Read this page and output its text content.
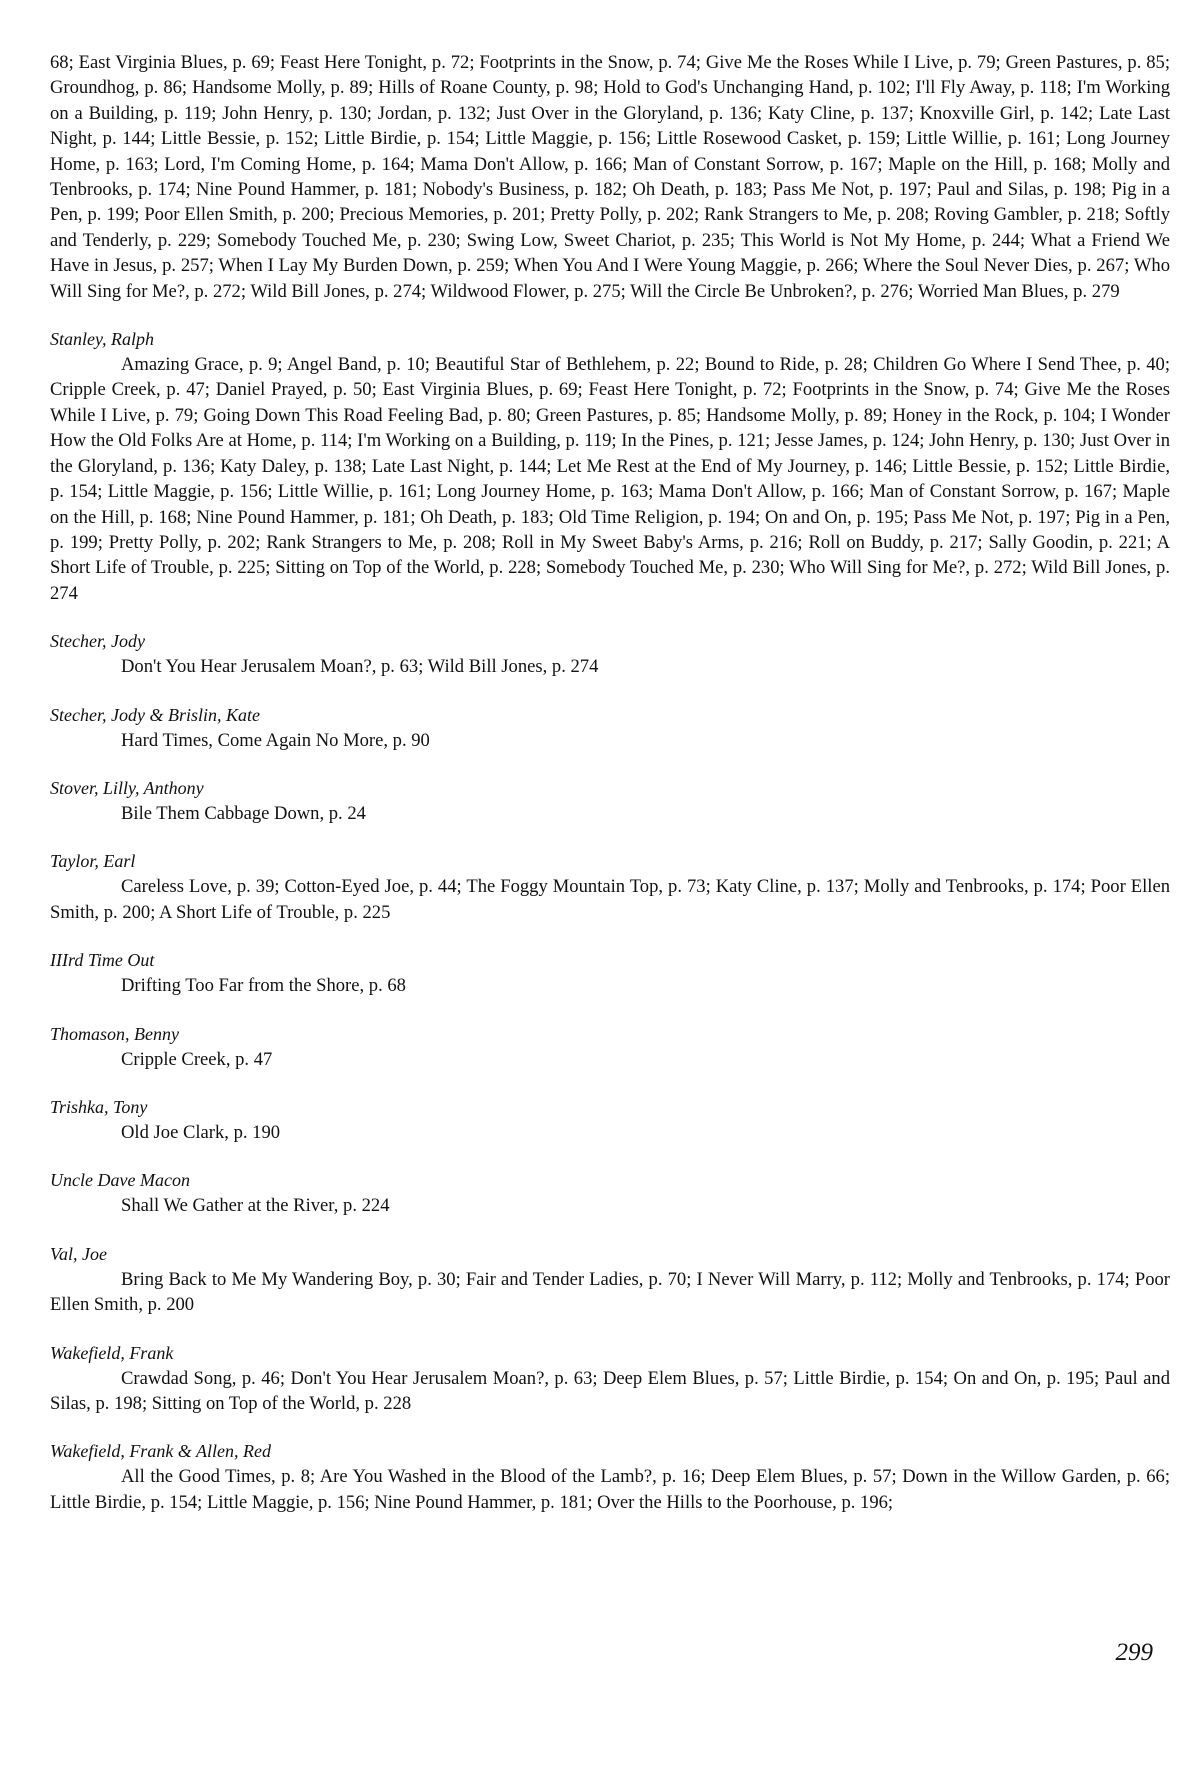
68; East Virginia Blues, p. 69; Feast Here Tonight, p. 72; Footprints in the Snow, p. 74; Give Me the Roses While I Live, p. 79; Green Pastures, p. 85; Groundhog, p. 86; Handsome Molly, p. 89; Hills of Roane County, p. 98; Hold to God's Unchanging Hand, p. 102; I'll Fly Away, p. 118; I'm Working on a Building, p. 119; John Henry, p. 130; Jordan, p. 132; Just Over in the Gloryland, p. 136; Katy Cline, p. 137; Knoxville Girl, p. 142; Late Last Night, p. 144; Little Bessie, p. 152; Little Birdie, p. 154; Little Maggie, p. 156; Little Rosewood Casket, p. 159; Little Willie, p. 161; Long Journey Home, p. 163; Lord, I'm Coming Home, p. 164; Mama Don't Allow, p. 166; Man of Constant Sorrow, p. 167; Maple on the Hill, p. 168; Molly and Tenbrooks, p. 174; Nine Pound Hammer, p. 181; Nobody's Business, p. 182; Oh Death, p. 183; Pass Me Not, p. 197; Paul and Silas, p. 198; Pig in a Pen, p. 199; Poor Ellen Smith, p. 200; Precious Memories, p. 201; Pretty Polly, p. 202; Rank Strangers to Me, p. 208; Roving Gambler, p. 218; Softly and Tenderly, p. 229; Somebody Touched Me, p. 230; Swing Low, Sweet Chariot, p. 235; This World is Not My Home, p. 244; What a Friend We Have in Jesus, p. 257; When I Lay My Burden Down, p. 259; When You And I Were Young Maggie, p. 266; Where the Soul Never Dies, p. 267; Who Will Sing for Me?, p. 272; Wild Bill Jones, p. 274; Wildwood Flower, p. 275; Will the Circle Be Unbroken?, p. 276; Worried Man Blues, p. 279

Stanley, Ralph

Amazing Grace, p. 9; Angel Band, p. 10; Beautiful Star of Bethlehem, p. 22; Bound to Ride, p. 28; Children Go Where I Send Thee, p. 40; Cripple Creek, p. 47; Daniel Prayed, p. 50; East Virginia Blues, p. 69; Feast Here Tonight, p. 72; Footprints in the Snow, p. 74; Give Me the Roses While I Live, p. 79; Going Down This Road Feeling Bad, p. 80; Green Pastures, p. 85; Handsome Molly, p. 89; Honey in the Rock, p. 104; I Wonder How the Old Folks Are at Home, p. 114; I'm Working on a Building, p. 119; In the Pines, p. 121; Jesse James, p. 124; John Henry, p. 130; Just Over in the Gloryland, p. 136; Katy Daley, p. 138; Late Last Night, p. 144; Let Me Rest at the End of My Journey, p. 146; Little Bessie, p. 152; Little Birdie, p. 154; Little Maggie, p. 156; Little Willie, p. 161; Long Journey Home, p. 163; Mama Don't Allow, p. 166; Man of Constant Sorrow, p. 167; Maple on the Hill, p. 168; Nine Pound Hammer, p. 181; Oh Death, p. 183; Old Time Religion, p. 194; On and On, p. 195; Pass Me Not, p. 197; Pig in a Pen, p. 199; Pretty Polly, p. 202; Rank Strangers to Me, p. 208; Roll in My Sweet Baby's Arms, p. 216; Roll on Buddy, p. 217; Sally Goodin, p. 221; A Short Life of Trouble, p. 225; Sitting on Top of the World, p. 228; Somebody Touched Me, p. 230; Who Will Sing for Me?, p. 272; Wild Bill Jones, p. 274

Stecher, Jody

Don't You Hear Jerusalem Moan?, p. 63; Wild Bill Jones, p. 274

Stecher, Jody & Brislin, Kate

Hard Times, Come Again No More, p. 90

Stover, Lilly, Anthony

Bile Them Cabbage Down, p. 24

Taylor, Earl

Careless Love, p. 39; Cotton-Eyed Joe, p. 44; The Foggy Mountain Top, p. 73; Katy Cline, p. 137; Molly and Tenbrooks, p. 174; Poor Ellen Smith, p. 200; A Short Life of Trouble, p. 225

IIIrd Time Out

Drifting Too Far from the Shore, p. 68

Thomason, Benny

Cripple Creek, p. 47

Trishka, Tony

Old Joe Clark, p. 190

Uncle Dave Macon

Shall We Gather at the River, p. 224

Val, Joe

Bring Back to Me My Wandering Boy, p. 30; Fair and Tender Ladies, p. 70; I Never Will Marry, p. 112; Molly and Tenbrooks, p. 174; Poor Ellen Smith, p. 200

Wakefield, Frank

Crawdad Song, p. 46; Don't You Hear Jerusalem Moan?, p. 63; Deep Elem Blues, p. 57; Little Birdie, p. 154; On and On, p. 195; Paul and Silas, p. 198; Sitting on Top of the World, p. 228

Wakefield, Frank & Allen, Red

All the Good Times, p. 8; Are You Washed in the Blood of the Lamb?, p. 16; Deep Elem Blues, p. 57; Down in the Willow Garden, p. 66; Little Birdie, p. 154; Little Maggie, p. 156; Nine Pound Hammer, p. 181; Over the Hills to the Poorhouse, p. 196;

299
